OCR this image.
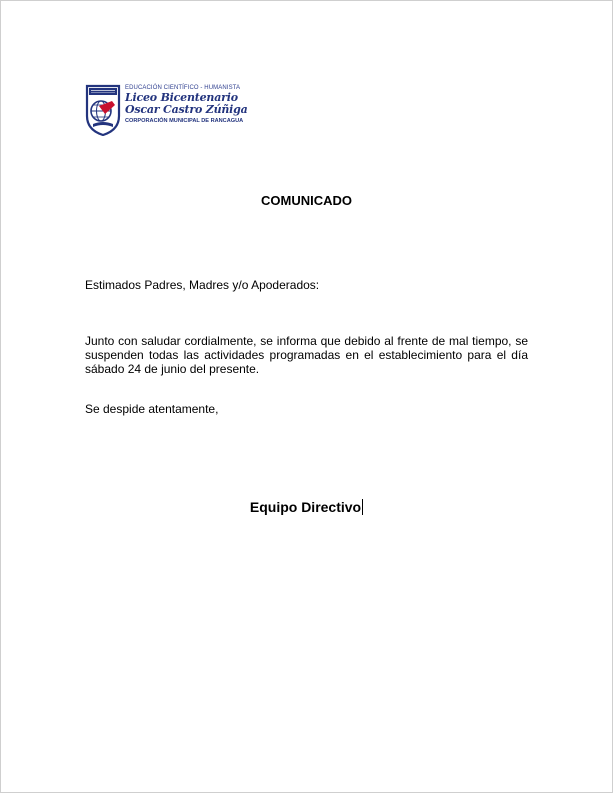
EDUCACIÓN CIENTÍFICO - HUMANISTA
Liceo Bicentenario
Oscar Castro Zúñiga
CORPORACIÓN MUNICIPAL DE RANCAGUA
COMUNICADO
Estimados Padres, Madres y/o Apoderados:
Junto con saludar cordialmente, se informa que debido al frente de mal tiempo, se suspenden todas las actividades programadas en el establecimiento para el día sábado 24 de junio del presente.
Se despide atentamente,
Equipo Directivo
